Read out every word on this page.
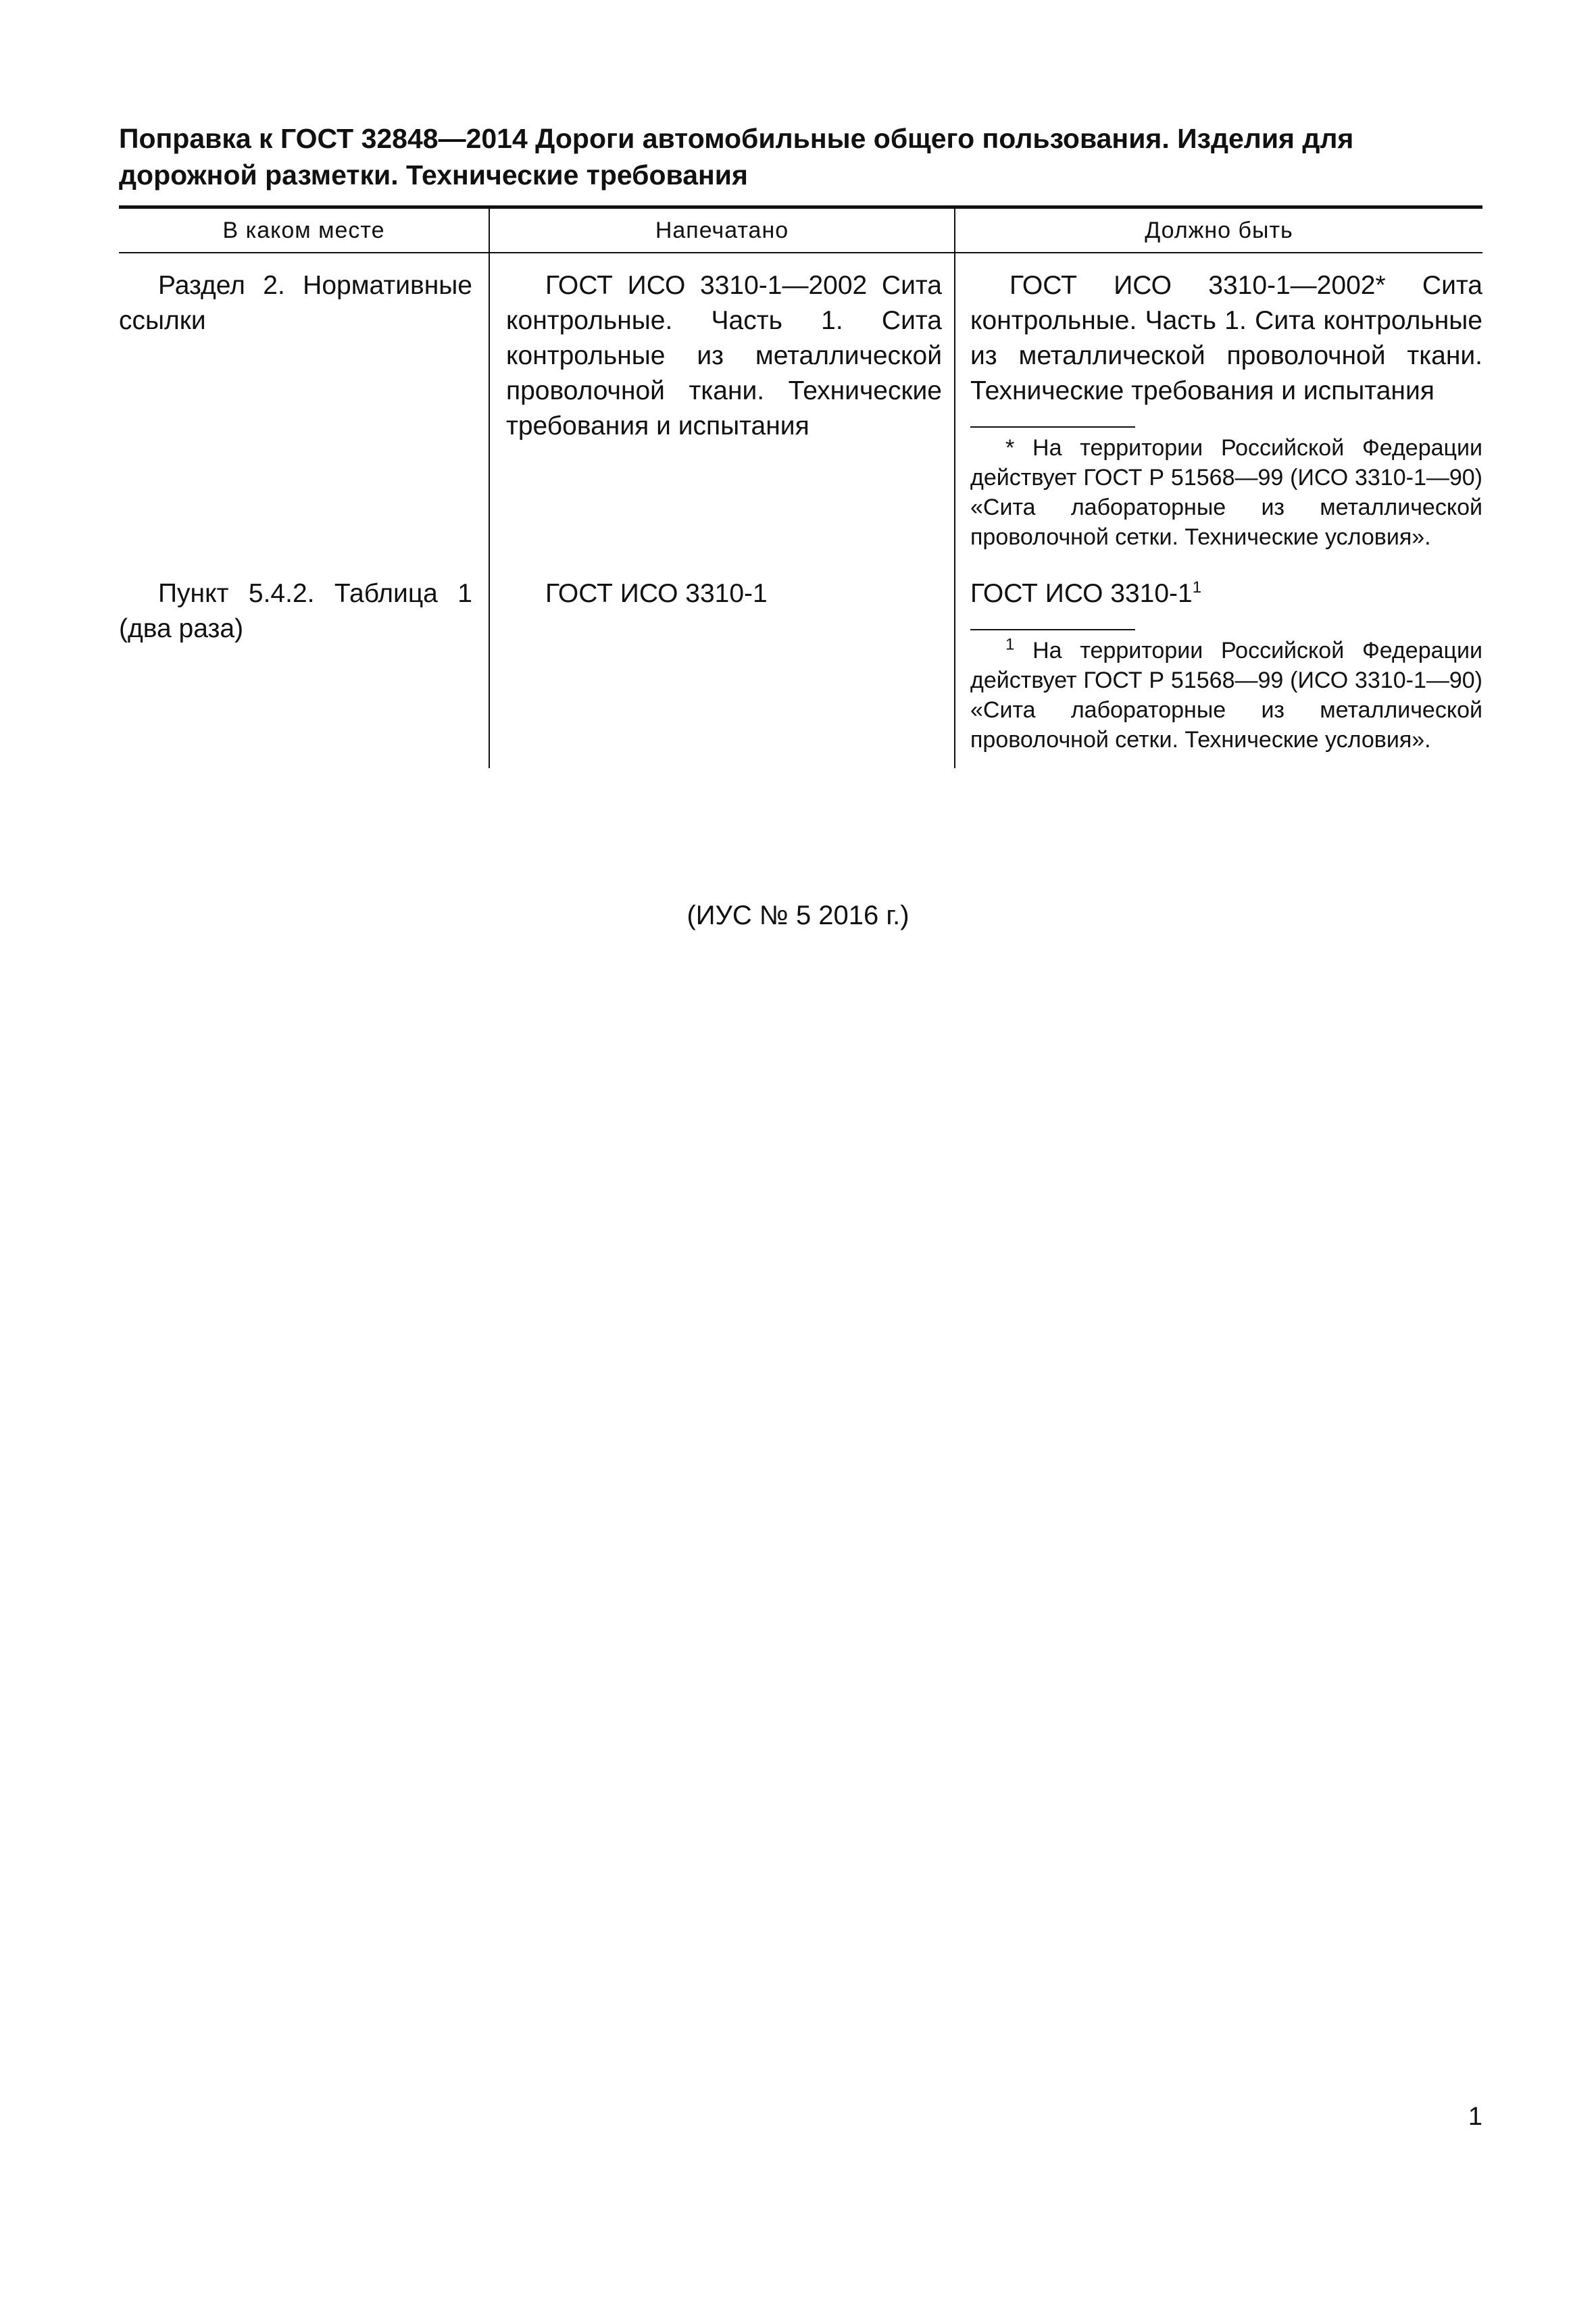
Поправка к ГОСТ 32848—2014 Дороги автомобильные общего пользования. Изделия для дорожной разметки. Технические требования

В каком месте	Напечатано	Должно быть

Раздел 2. Нормативные ссылки	ГОСТ ИСО 3310-1—2002 Сита контрольные. Часть 1. Сита контрольные из металлической проволочной ткани. Технические требования и испытания	ГОСТ ИСО 3310-1—2002* Сита контрольные. Часть 1. Сита контрольные из металлической проволочной ткани. Технические требования и испытания

* На территории Российской Федерации действует ГОСТ Р 51568—99 (ИСО 3310-1—90) «Сита лабораторные из металлической проволочной сетки. Технические условия».

Пункт 5.4.2. Таблица 1 (два раза)	ГОСТ ИСО 3310-1	ГОСТ ИСО $3310-1^1$

$^1$ На территории Российской Федерации действует ГОСТ Р 51568—99 (ИСО 3310-1—90) «Сита лабораторные из металлической проволочной сетки. Технические условия».

(ИУС № 5 2016 г.)

1
